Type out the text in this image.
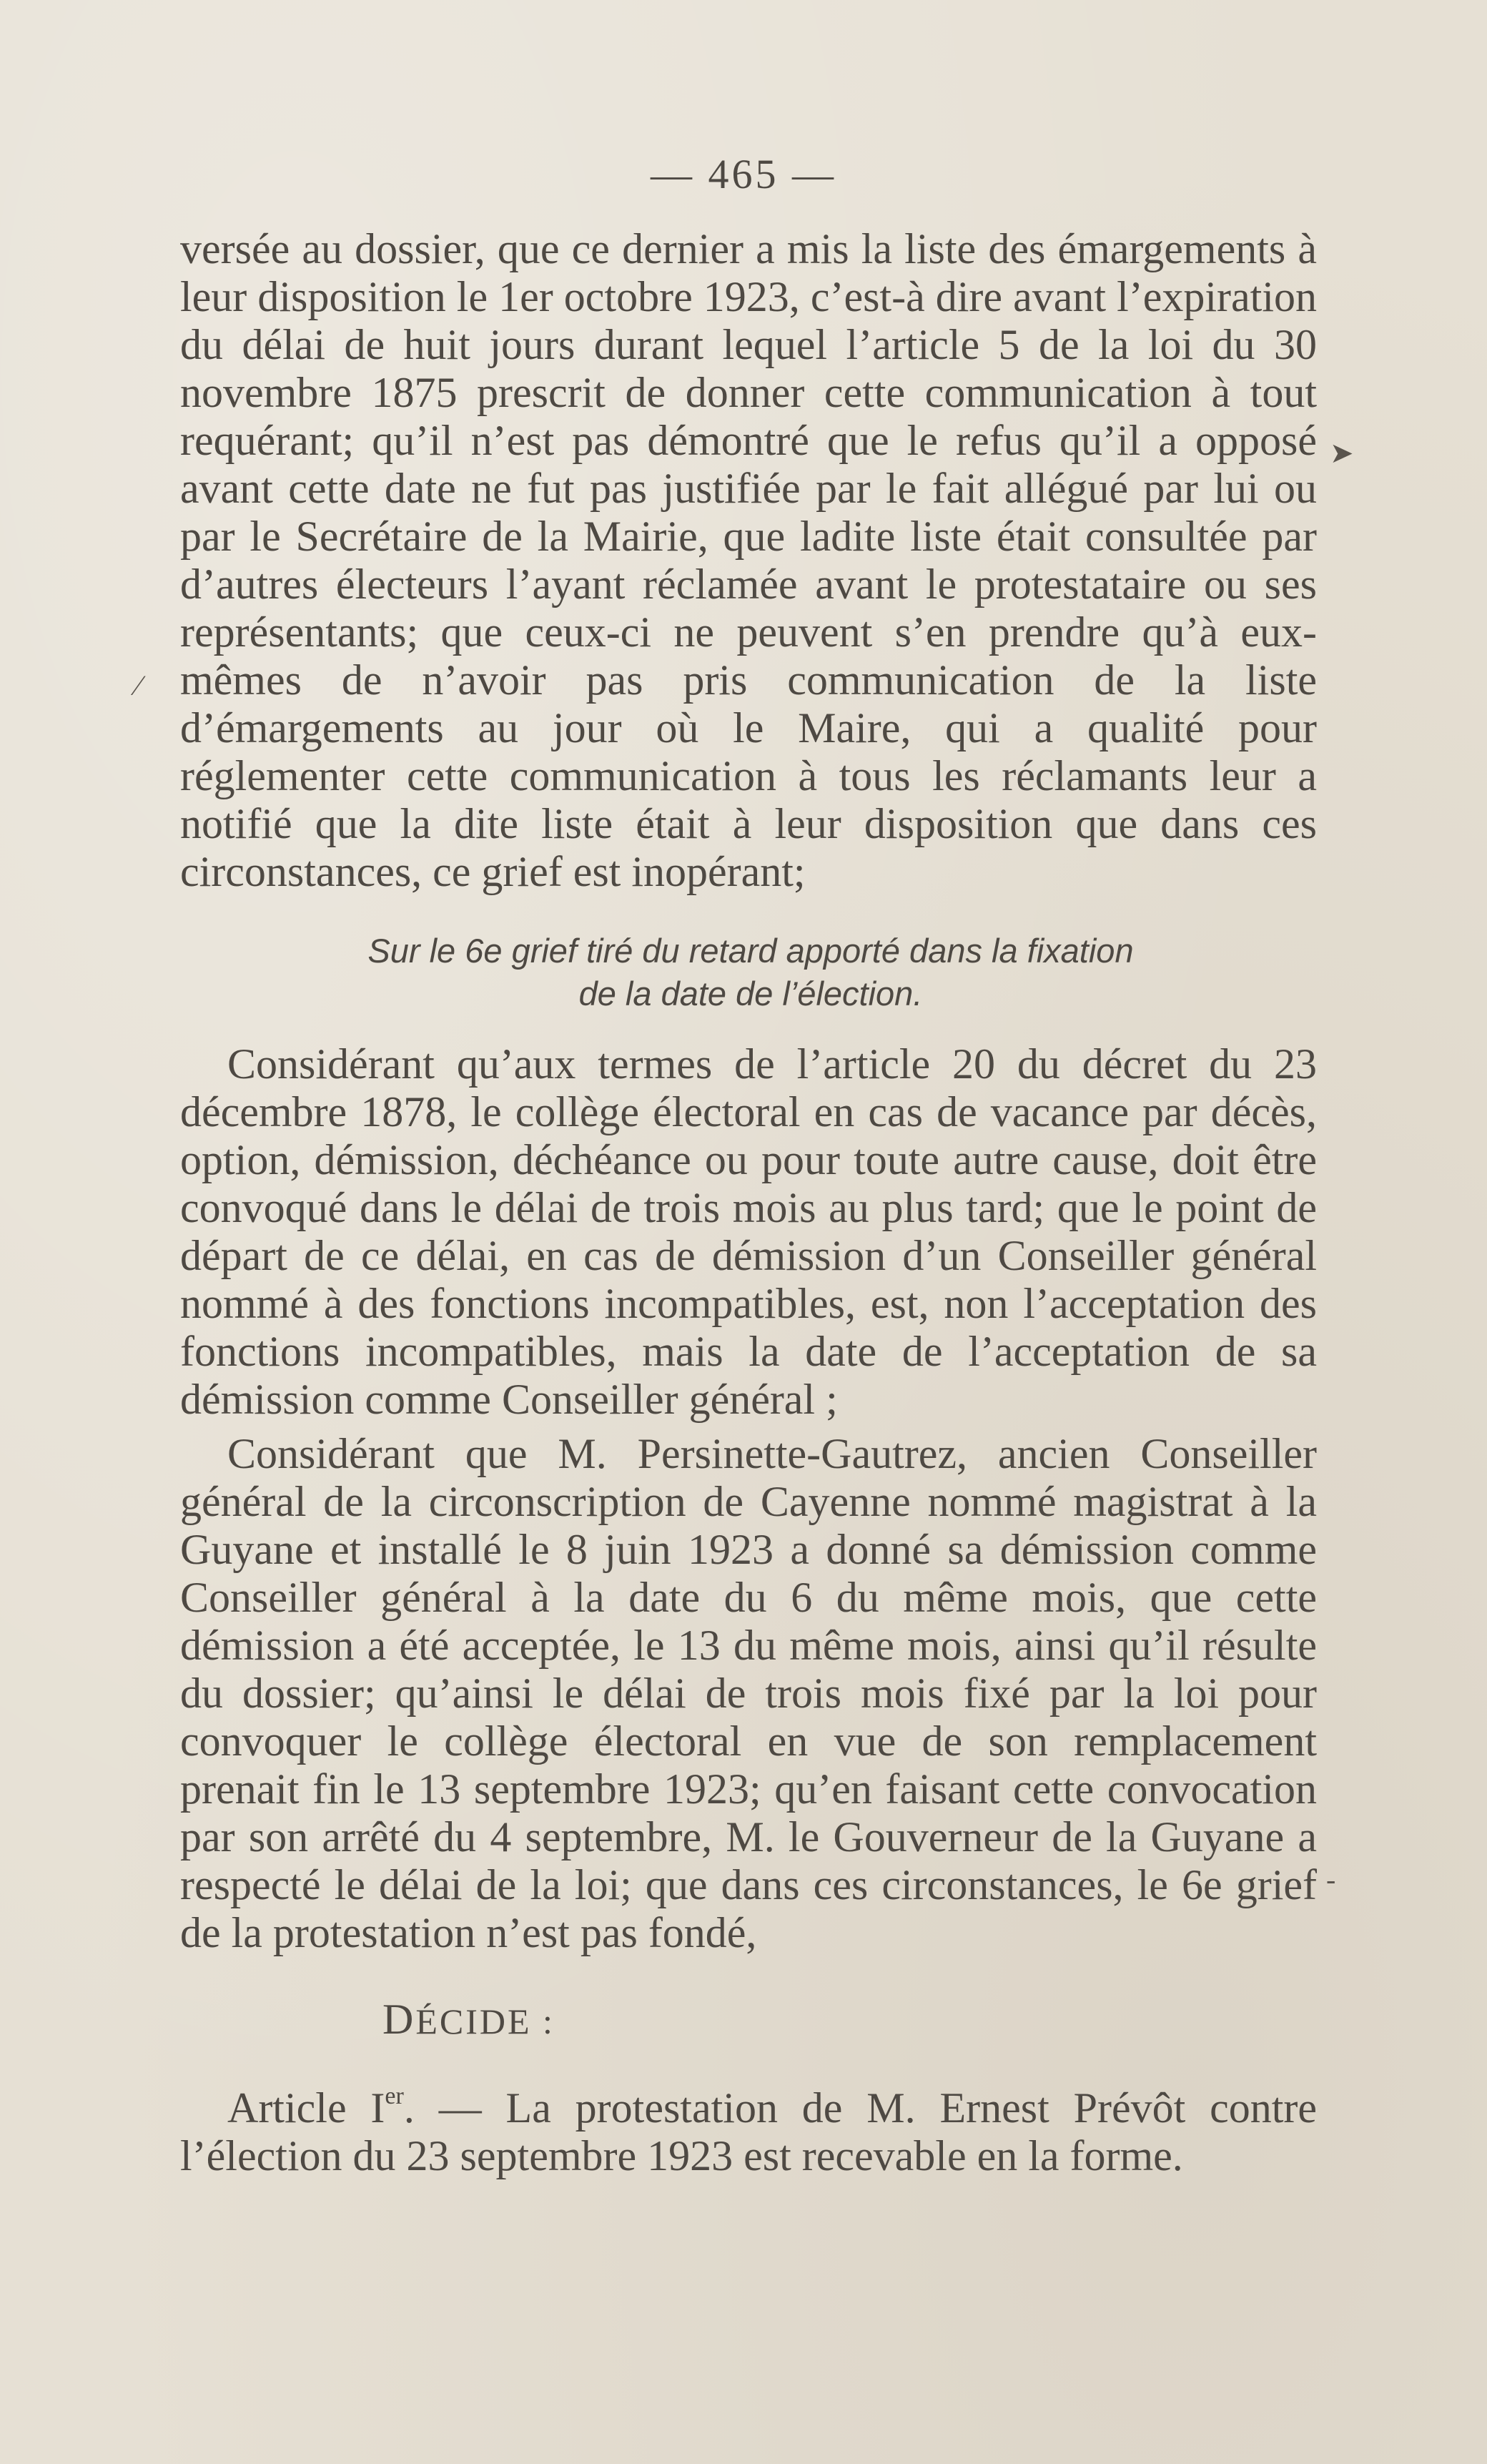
— 465 —

versée au dossier, que ce dernier a mis la liste des émargements à leur disposition le 1er octobre 1923, c’est-à dire avant l’expiration du délai de huit jours durant lequel l’article 5 de la loi du 30 novembre 1875 prescrit de donner cette communication à tout requérant; qu’il n’est pas démontré que le refus qu’il a opposé avant cette date ne fut pas justifiée par le fait allégué par lui ou par le Secrétaire de la Mairie, que ladite liste était consultée par d’autres électeurs l’ayant réclamée avant le protestataire ou ses représentants; que ceux-ci ne peuvent s’en prendre qu’à eux-mêmes de n’avoir pas pris communication de la liste d’émargements au jour où le Maire, qui a qualité pour réglementer cette communication à tous les réclamants leur a notifié que la dite liste était à leur disposition que dans ces circonstances, ce grief est inopérant;

Sur le 6e grief tiré du retard apporté dans la fixation
de la date de l’élection.

Considérant qu’aux termes de l’article 20 du décret du 23 décembre 1878, le collège électoral en cas de vacance par décès, option, démission, déchéance ou pour toute autre cause, doit être convoqué dans le délai de trois mois au plus tard; que le point de départ de ce délai, en cas de démission d’un Conseiller général nommé à des fonctions incompatibles, est, non l’acceptation des fonctions incompatibles, mais la date de l’acceptation de sa démission comme Conseiller général ;

Considérant que M. Persinette-Gautrez, ancien Conseiller général de la circonscription de Cayenne nommé magistrat à la Guyane et installé le 8 juin 1923 a donné sa démission comme Conseiller général à la date du 6 du même mois, que cette démission a été acceptée, le 13 du même mois, ainsi qu’il résulte du dossier; qu’ainsi le délai de trois mois fixé par la loi pour convoquer le collège électoral en vue de son remplacement prenait fin le 13 septembre 1923; qu’en faisant cette convocation par son arrêté du 4 septembre, M. le Gouverneur de la Guyane a respecté le délai de la loi; que dans ces circonstances, le 6e grief de la protestation n’est pas fondé,

DÉCIDE :

Article Ier. — La protestation de M. Ernest Prévôt contre l’élection du 23 septembre 1923 est recevable en la forme.

➤
⁄
‐
